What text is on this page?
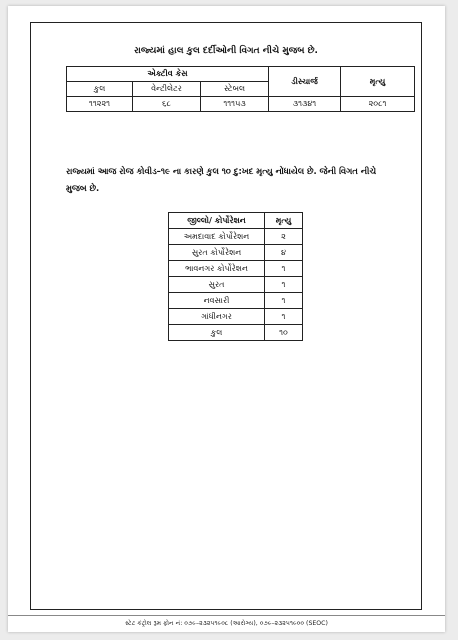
રાજ્યમાં હાલ કુલ દર્દીઓની વિગત નીચે મુજબ છે.
એક્ટીવ કેસ			ડીસ્ચાર્જ	મૃત્યુ
કુલ	વેન્ટીલેટર	સ્ટેબલ		
૧૧૨૨૧	૬૮	૧૧૧૫૩	૩૧૩૪૧	૨૦૮૧
રાજ્યમાં આજ રોજ કોવીડ–૧૯ ના કારણે કુલ ૧૦ દુ:ખદ મૃત્યુ નોંધાયેલ છે. જેની વિગત નીચે મુજબ છે.
જીલ્લો/ કોર્પોરેશન	મૃત્યુ
અમદાવાદ કોર્પોરેશન	૨
સુરત કોર્પોરેશન	૪
ભાવનગર કોર્પોરેશન	૧
સુરત	૧
નવસારી	૧
ગાંધીનગર	૧
કુલ	૧૦
સ્ટેટ કંટ્રોલ રૂમ ફોન નં: ૦૭૯–૨૩૨૫૧૯૦૮ (આરોગ્ય), ૦૭૯–૨૩૨૫૧૯૦૦ (SEOC)
